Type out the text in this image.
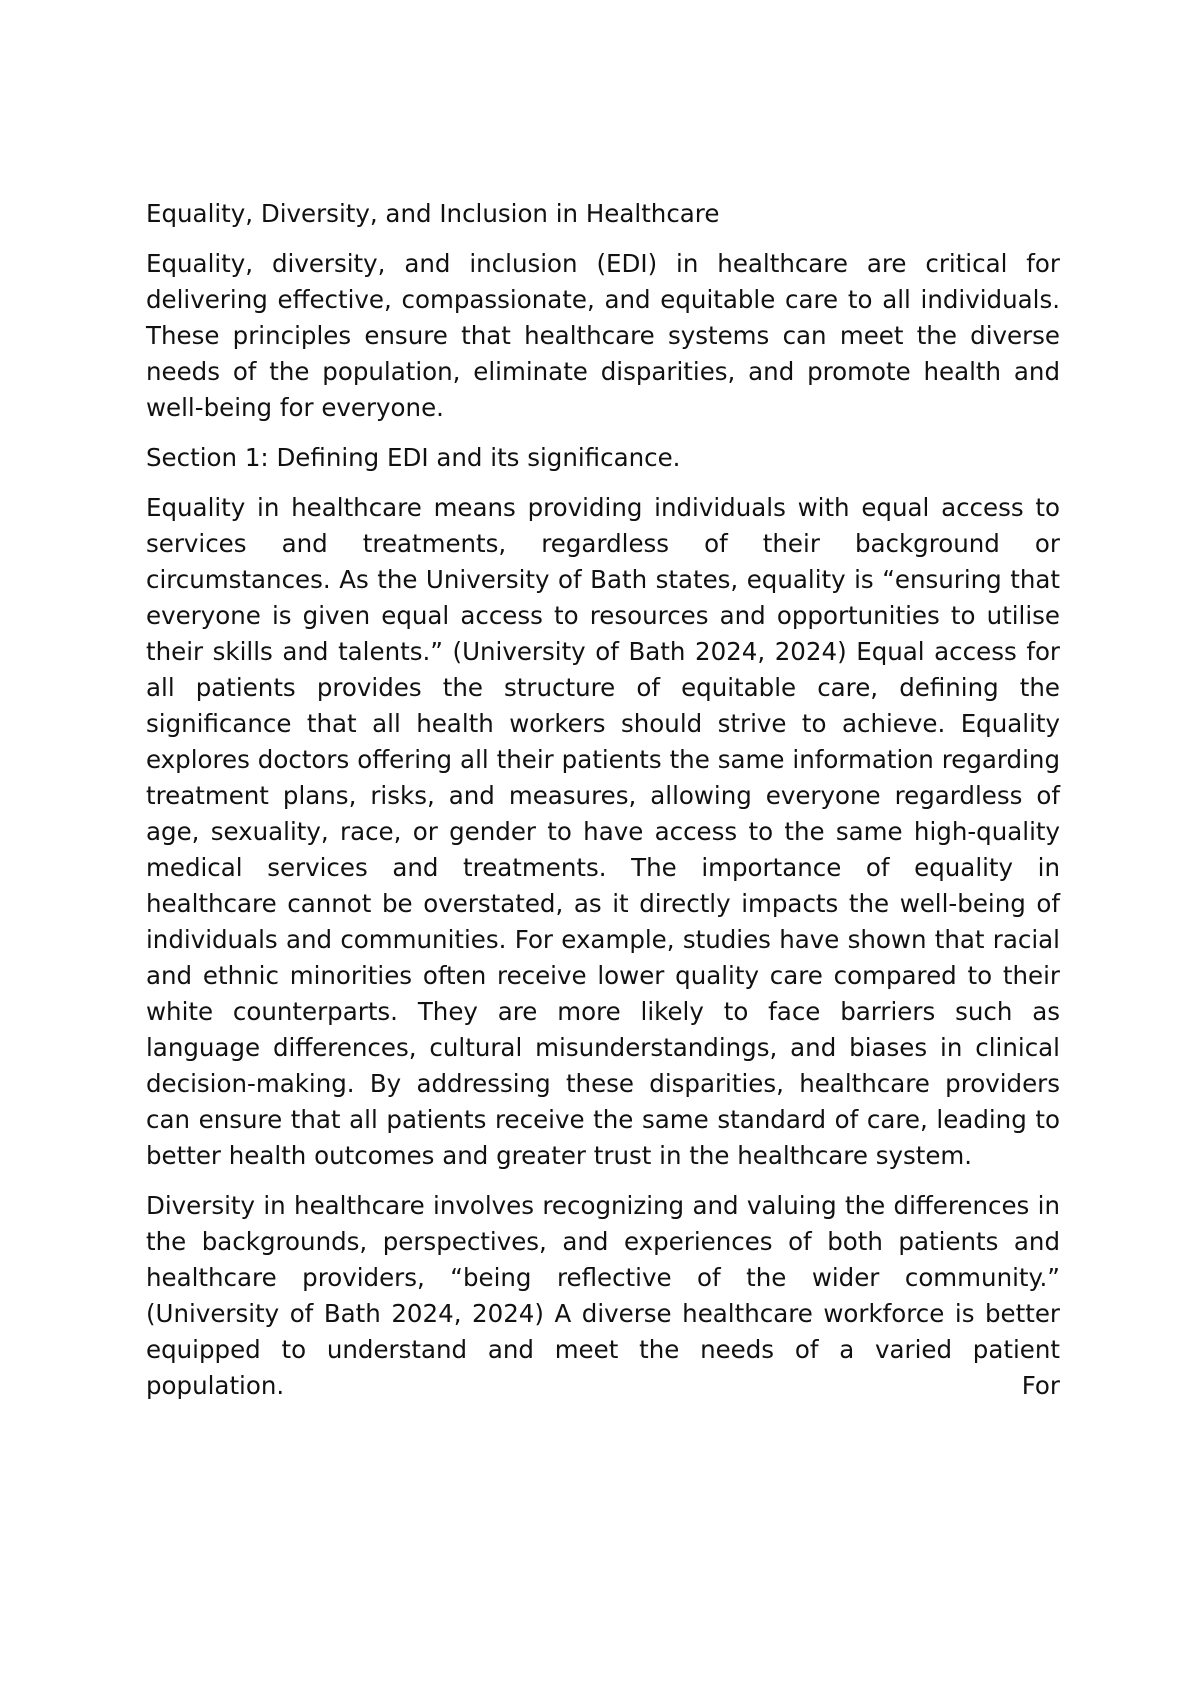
Equality, Diversity, and Inclusion in Healthcare

Equality, diversity, and inclusion (EDI) in healthcare are critical for delivering effective, compassionate, and equitable care to all individuals. These principles ensure that healthcare systems can meet the diverse needs of the population, eliminate disparities, and promote health and well-being for everyone.

Section 1: Defining EDI and its significance.

Equality in healthcare means providing individuals with equal access to services and treatments, regardless of their background or circumstances. As the University of Bath states, equality is “ensuring that everyone is given equal access to resources and opportunities to utilise their skills and talents.” (University of Bath 2024, 2024) Equal access for all patients provides the structure of equitable care, defining the significance that all health workers should strive to achieve. Equality explores doctors offering all their patients the same information regarding treatment plans, risks, and measures, allowing everyone regardless of age, sexuality, race, or gender to have access to the same high-quality medical services and treatments. The importance of equality in healthcare cannot be overstated, as it directly impacts the well-being of individuals and communities. For example, studies have shown that racial and ethnic minorities often receive lower quality care compared to their white counterparts. They are more likely to face barriers such as language differences, cultural misunderstandings, and biases in clinical decision-making. By addressing these disparities, healthcare providers can ensure that all patients receive the same standard of care, leading to better health outcomes and greater trust in the healthcare system.

Diversity in healthcare involves recognizing and valuing the differences in the backgrounds, perspectives, and experiences of both patients and healthcare providers, “being reflective of the wider community.” (University of Bath 2024, 2024) A diverse healthcare workforce is better equipped to understand and meet the needs of a varied patient population. For
